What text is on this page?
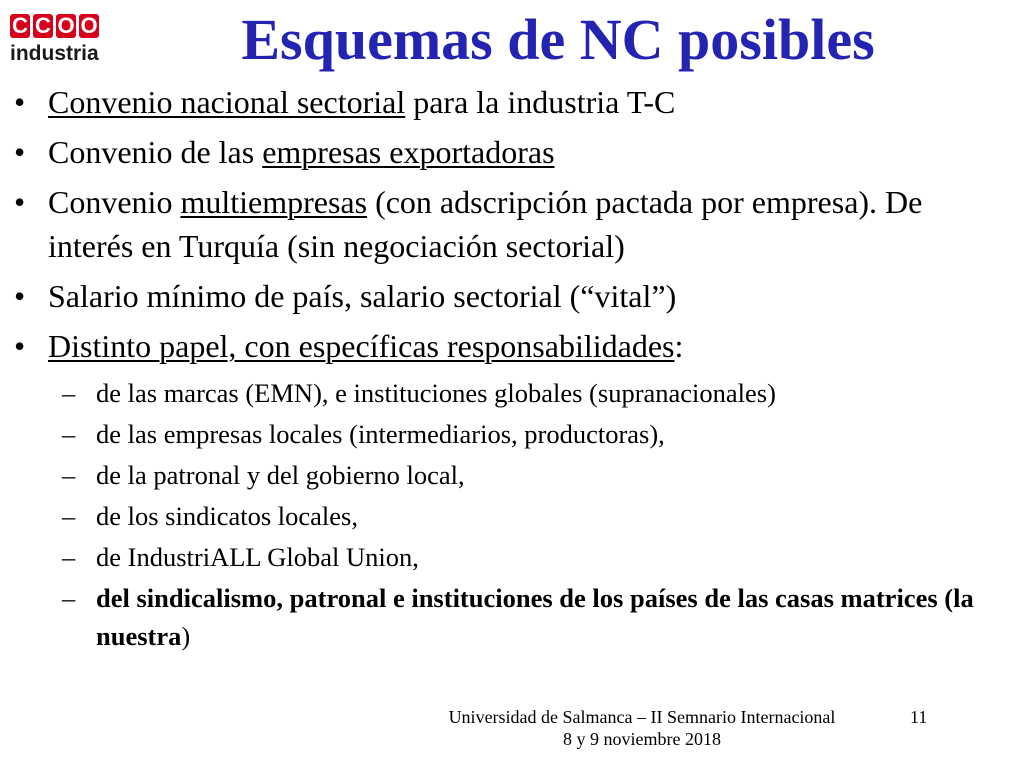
C C O O
industria	Esquemas de NC posibles
• Convenio nacional sectorial para la industria T-C
• Convenio de las empresas exportadoras
• Convenio multiempresas (con adscripción pactada por empresa). De interés en Turquía (sin negociación sectorial)
• Salario mínimo de país, salario sectorial (“vital”)
• Distinto papel, con específicas responsabilidades:
– de las marcas (EMN), e instituciones globales (supranacionales)
– de las empresas locales (intermediarios, productoras),
– de la patronal y del gobierno local,
– de los sindicatos locales,
– de IndustriALL Global Union,
– del sindicalismo, patronal e instituciones de los países de las casas matrices (la nuestra)
Universidad de Salmanca – II Semnario Internacional
8 y 9 noviembre 2018
11
